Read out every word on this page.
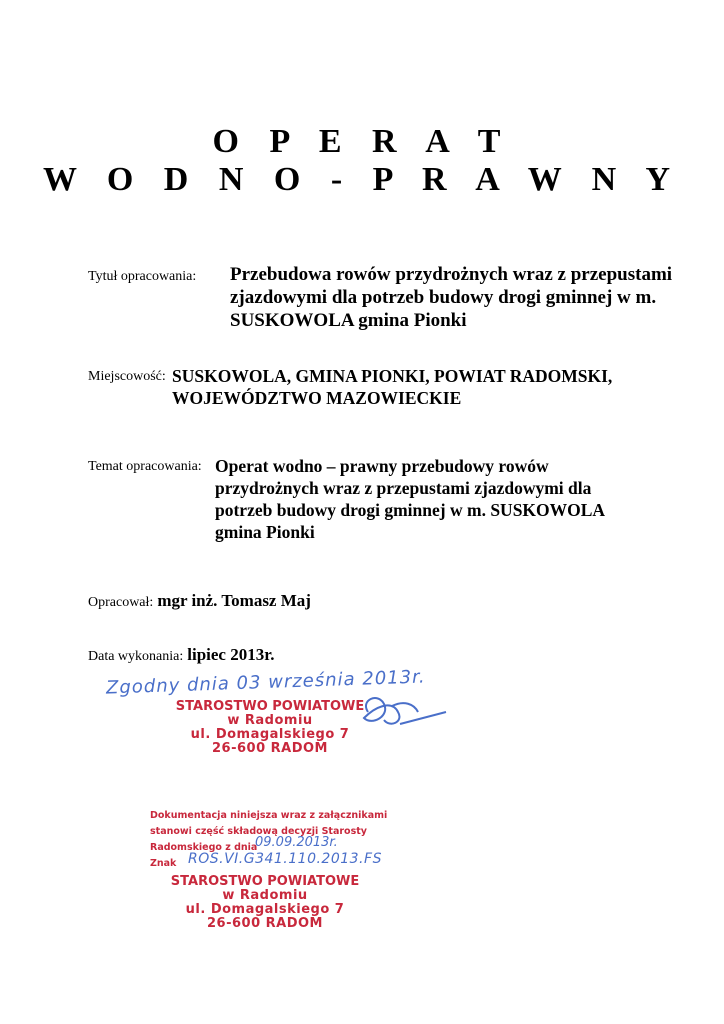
O P E R A T
W O D N O - P R A W N Y
Tytuł opracowania: Przebudowa rowów przydrożnych wraz z przepustami zjazdowymi dla potrzeb budowy drogi gminnej w m. SUSKOWOLA gmina Pionki
Miejscowość: SUSKOWOLA, GMINA PIONKI, POWIAT RADOMSKI, WOJEWÓDZTWO MAZOWIECKIE
Temat opracowania: Operat wodno – prawny przebudowy rowów przydrożnych wraz z przepustami zjazdowymi dla potrzeb budowy drogi gminnej w m. SUSKOWOLA gmina Pionki
Opracował: mgr inż. Tomasz Maj
Data wykonania: lipiec 2013r.
Zgodny dnia 03 września 2013r.
STAROSTWO POWIATOWE
w Radomiu
ul. Domagalskiego 7
26-600 RADOM
Dokumentacja niniejsza wraz z załącznikami
stanowi część składową decyzji Starosty
Radomskiego z dnia
Znak
09.09.2013r.
ROS.VI.G341.110.2013.FS
STAROSTWO POWIATOWE
w Radomiu
ul. Domagalskiego 7
26-600 RADOM
